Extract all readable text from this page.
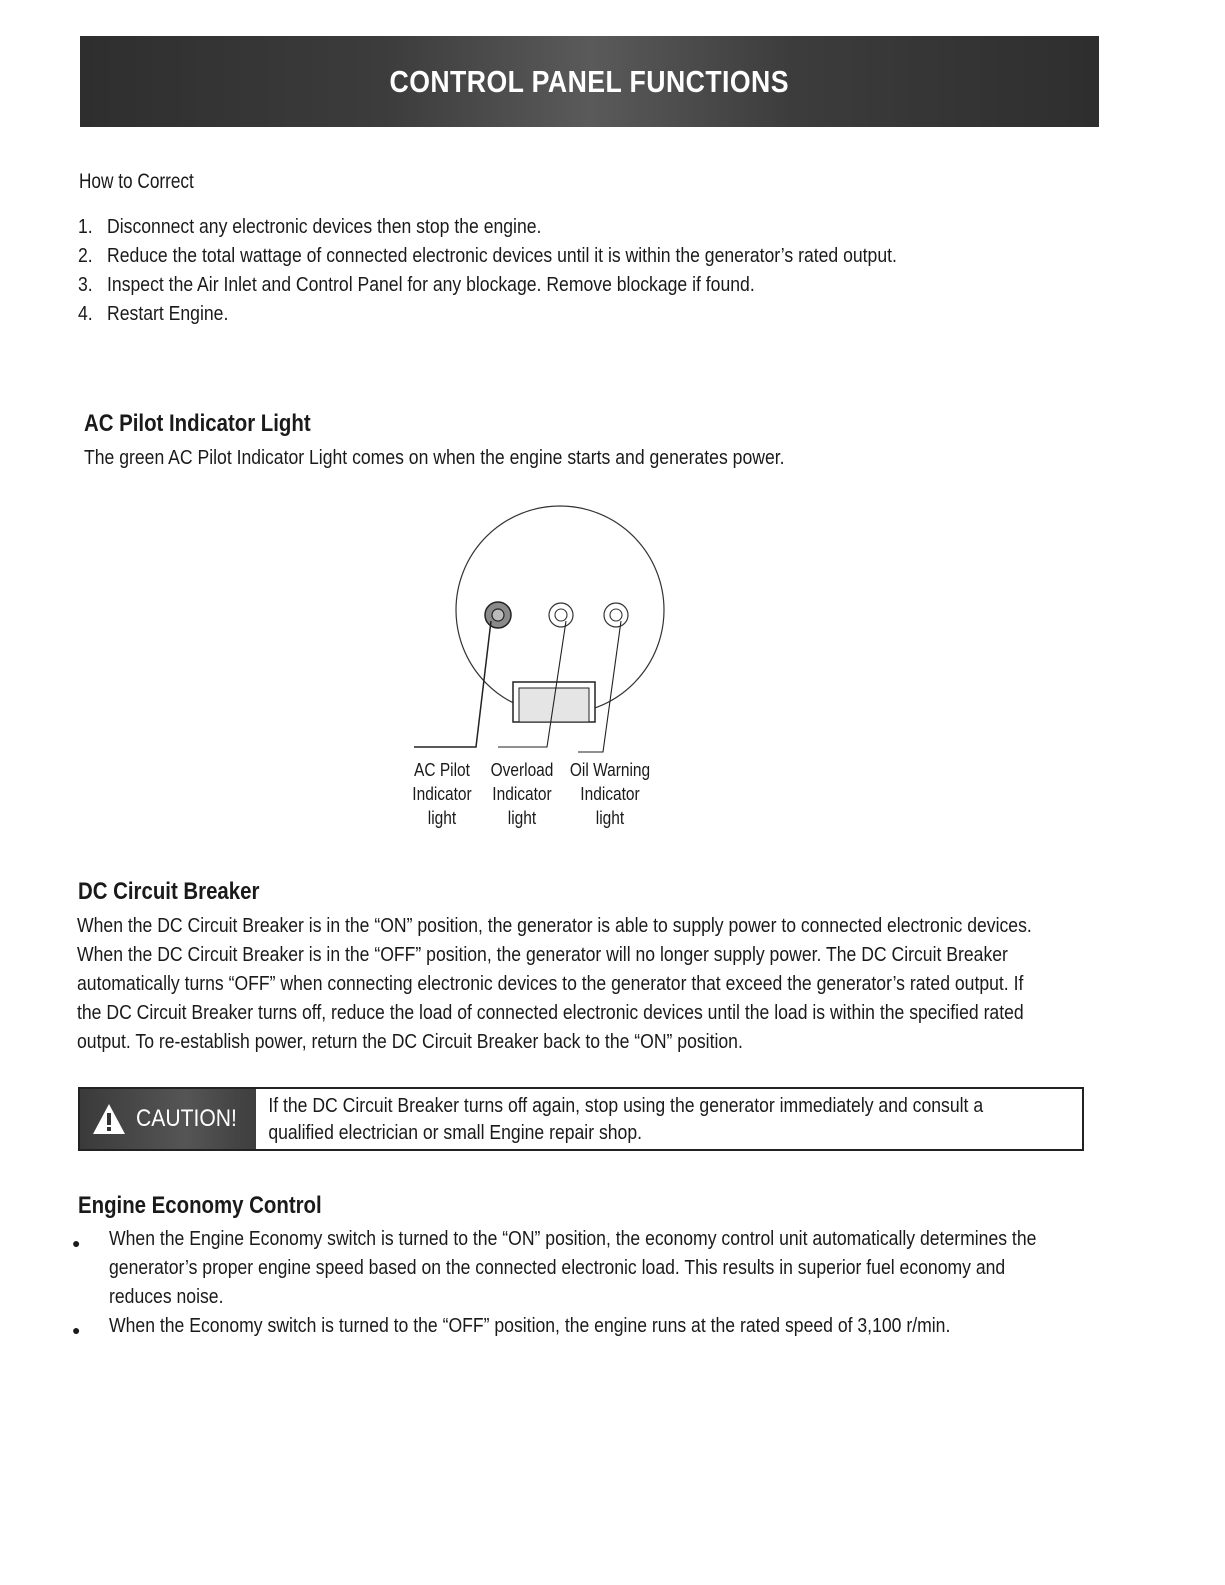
CONTROL PANEL FUNCTIONS
How to Correct
1. Disconnect any electronic devices then stop the engine.
2. Reduce the total wattage of connected electronic devices until it is within the generator’s rated output.
3. Inspect the Air Inlet and Control Panel for any blockage. Remove blockage if found.
4. Restart Engine.
AC Pilot Indicator Light

The green AC Pilot Indicator Light comes on when the engine starts and generates power.

AC Pilot
Indicator
light
Overload
Indicator
light
Oil Warning
Indicator
light
DC Circuit Breaker
When the DC Circuit Breaker is in the “ON” position, the generator is able to supply power to connected electronic devices.
When the DC Circuit Breaker is in the “OFF” position, the generator will no longer supply power. The DC Circuit Breaker
automatically turns “OFF” when connecting electronic devices to the generator that exceed the generator’s rated output. If
the DC Circuit Breaker turns off, reduce the load of connected electronic devices until the load is within the specified rated
output. To re-establish power, return the DC Circuit Breaker back to the “ON” position.
CAUTION! If the DC Circuit Breaker turns off again, stop using the generator immediately and consult a
qualified electrician or small Engine repair shop.
Engine Economy Control
● When the Engine Economy switch is turned to the “ON” position, the economy control unit automatically determines the
generator’s proper engine speed based on the connected electronic load. This results in superior fuel economy and
reduces noise.
● When the Economy switch is turned to the “OFF” position, the engine runs at the rated speed of 3,100 r/min.
